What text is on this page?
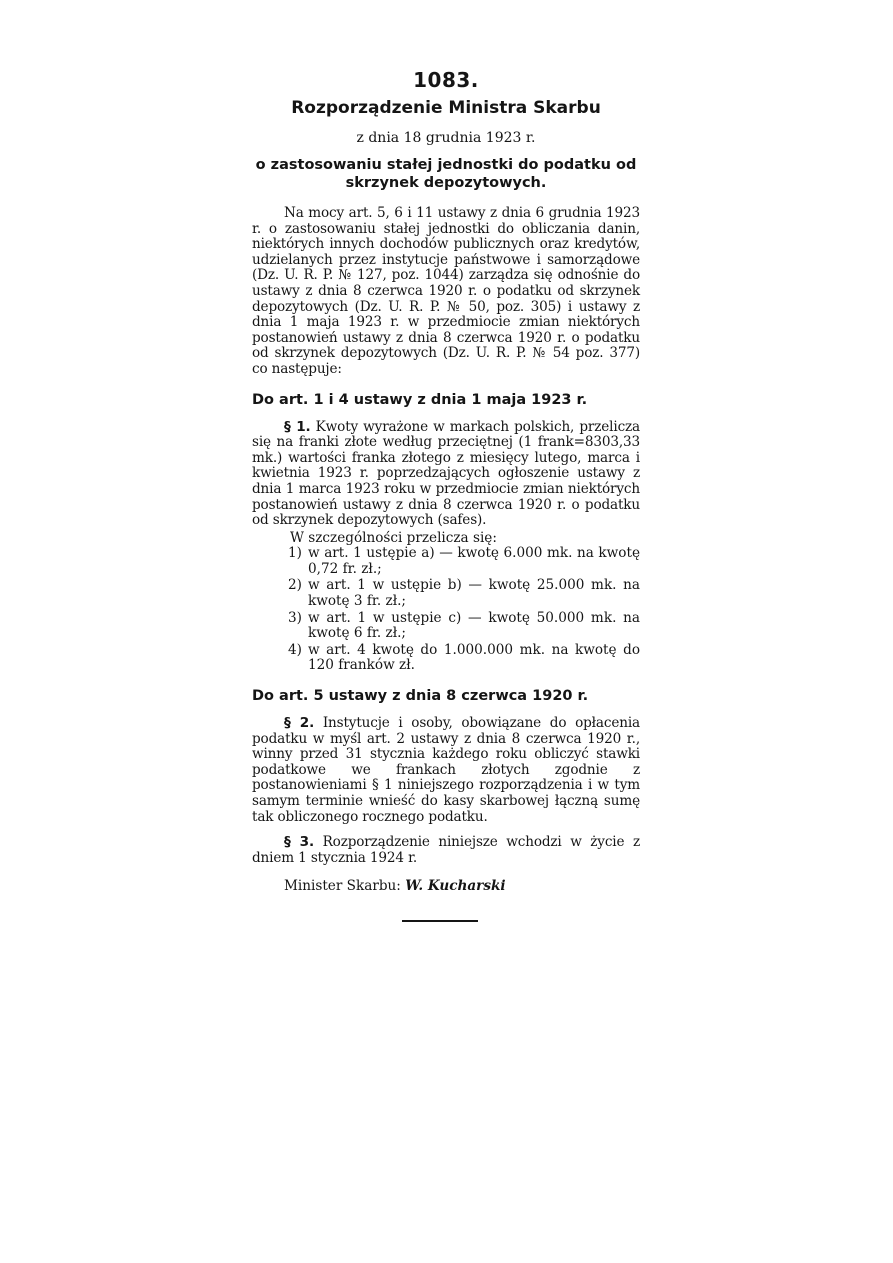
1083.
Rozporządzenie Ministra Skarbu
z dnia 18 grudnia 1923 r.
o zastosowaniu stałej jednostki do podatku od skrzynek depozytowych.

Na mocy art. 5, 6 i 11 ustawy z dnia 6 grudnia 1923 r. o zastosowaniu stałej jednostki do obliczania danin, niektórych innych dochodów publicznych oraz kredytów, udzielanych przez instytucje państwowe i samorządowe (Dz. U. R. P. № 127, poz. 1044) zarządza się odnośnie do ustawy z dnia 8 czerwca 1920 r. o podatku od skrzynek depozytowych (Dz. U. R. P. № 50, poz. 305) i ustawy z dnia 1 maja 1923 r. w przedmiocie zmian niektórych postanowień ustawy z dnia 8 czerwca 1920 r. o podatku od skrzynek depozytowych (Dz. U. R. P. № 54 poz. 377) co następuje:

Do art. 1 i 4 ustawy z dnia 1 maja 1923 r.

§ 1. Kwoty wyrażone w markach polskich, przelicza się na franki złote według przeciętnej (1 frank=8303,33 mk.) wartości franka złotego z miesięcy lutego, marca i kwietnia 1923 r. poprzedzających ogłoszenie ustawy z dnia 1 marca 1923 roku w przedmiocie zmian niektórych postanowień ustawy z dnia 8 czerwca 1920 r. o podatku od skrzynek depozytowych (safes).

W szczególności przelicza się:
1) w art. 1 ustępie a) — kwotę 6.000 mk. na kwotę 0,72 fr. zł.;
2) w art. 1 w ustępie b) — kwotę 25.000 mk. na kwotę 3 fr. zł.;
3) w art. 1 w ustępie c) — kwotę 50.000 mk. na kwotę 6 fr. zł.;
4) w art. 4 kwotę do 1.000.000 mk. na kwotę do 120 franków zł.
Do art. 5 ustawy z dnia 8 czerwca 1920 r.

§ 2. Instytucje i osoby, obowiązane do opłacenia podatku w myśl art. 2 ustawy z dnia 8 czerwca 1920 r., winny przed 31 stycznia każdego roku obliczyć stawki podatkowe we frankach złotych zgodnie z postanowieniami § 1 niniejszego rozporządzenia i w tym samym terminie wnieść do kasy skarbowej łączną sumę tak obliczonego rocznego podatku.

§ 3. Rozporządzenie niniejsze wchodzi w życie z dniem 1 stycznia 1924 r.

Minister Skarbu: W. Kucharski
